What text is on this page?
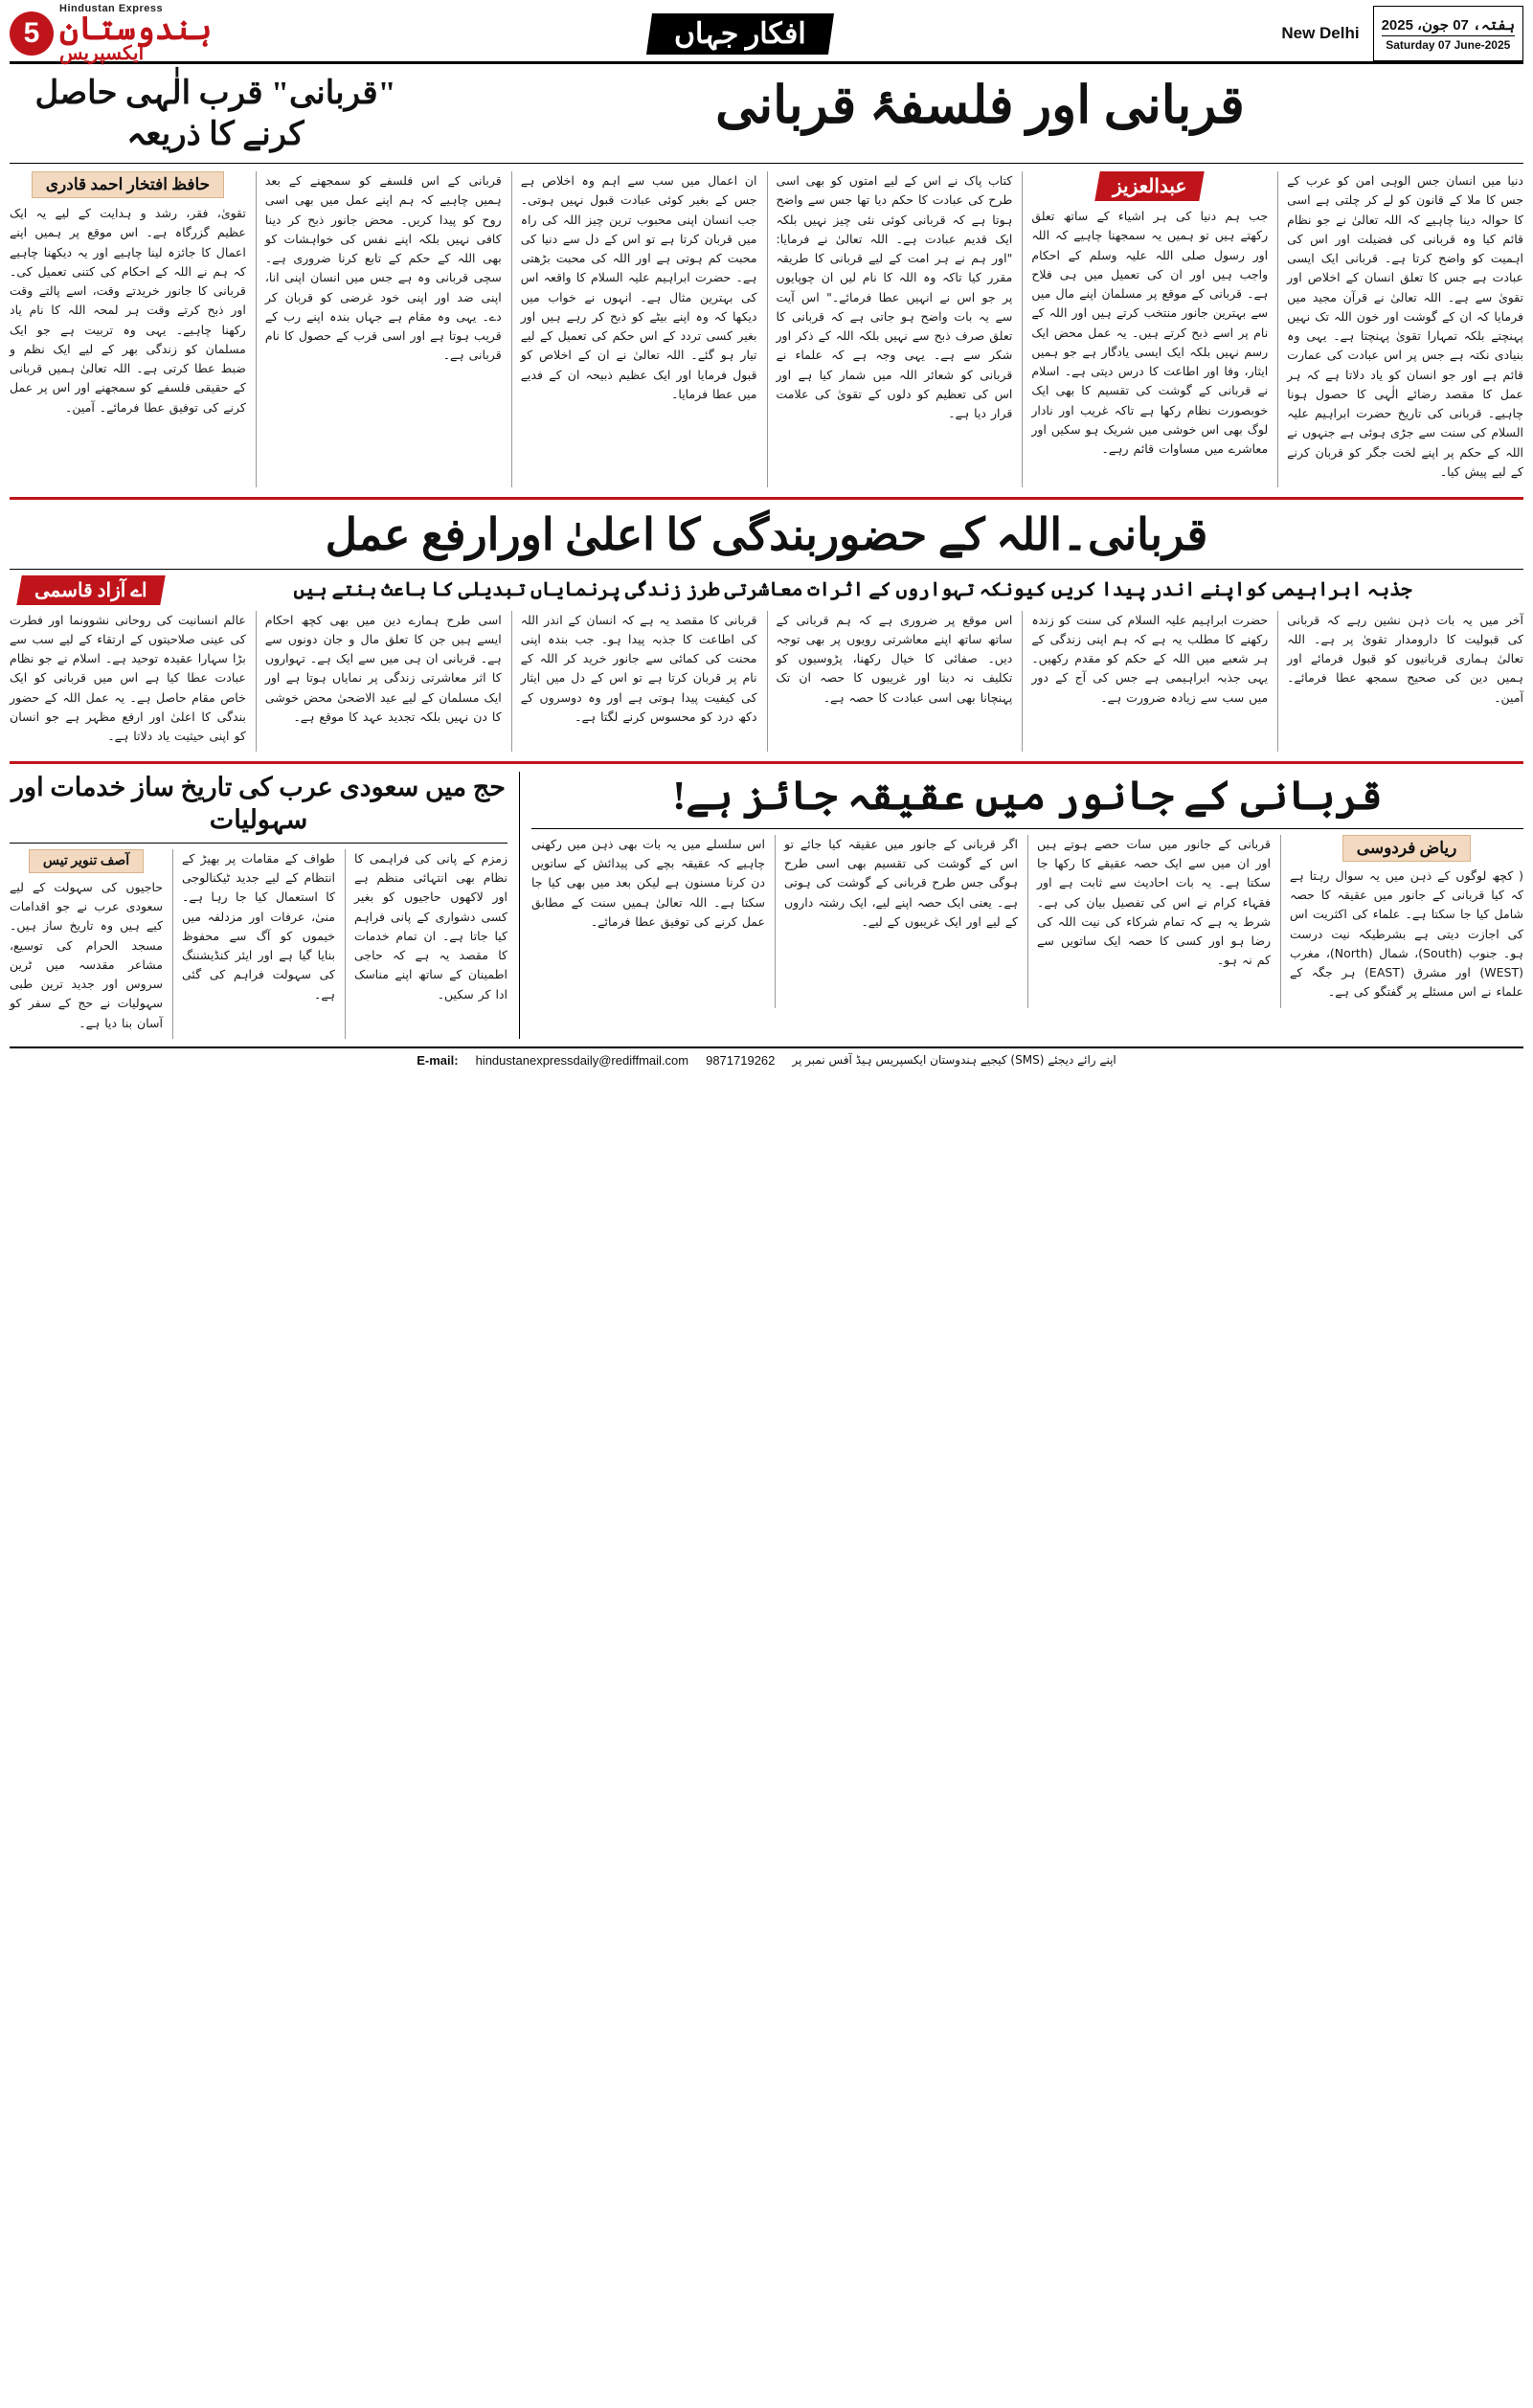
ہفتہ، 07 جون، 2025
Saturday 07 June-2025
New Delhi
افکار جہاں
Hindustan Express
ہندوستان
ایکسپریس
5
قربانی اور فلسفۂ قربانی
"قربانی" قرب الٰہی حاصل کرنے کا ذریعہ

دنیا میں انسان جس الوہی امن کو عرب کے جس کا ملا کے قانون کو لے کر چلتی ہے اسی کا حوالہ دینا چاہیے کہ اللہ تعالیٰ نے جو نظام قائم کیا وہ قربانی کی فضیلت اور اس کی اہمیت کو واضح کرتا ہے۔ قربانی ایک ایسی عبادت ہے جس کا تعلق انسان کے اخلاص اور تقویٰ سے ہے۔ اللہ تعالیٰ نے قرآن مجید میں فرمایا کہ ان کے گوشت اور خون اللہ تک نہیں پہنچتے بلکہ تمہارا تقویٰ پہنچتا ہے۔ یہی وہ بنیادی نکتہ ہے جس پر اس عبادت کی عمارت قائم ہے اور جو انسان کو یاد دلاتا ہے کہ ہر عمل کا مقصد رضائے الٰہی کا حصول ہونا چاہیے۔ قربانی کی تاریخ حضرت ابراہیم علیہ السلام کی سنت سے جڑی ہوئی ہے جنہوں نے اللہ کے حکم پر اپنے لخت جگر کو قربان کرنے کے لیے پیش کیا۔

عبدالعزیز

جب ہم دنیا کی ہر اشیاء کے ساتھ تعلق رکھتے ہیں تو ہمیں یہ سمجھنا چاہیے کہ اللہ اور رسول صلی اللہ علیہ وسلم کے احکام واجب ہیں اور ان کی تعمیل میں ہی فلاح ہے۔ قربانی کے موقع پر مسلمان اپنے مال میں سے بہترین جانور منتخب کرتے ہیں اور اللہ کے نام پر اسے ذبح کرتے ہیں۔ یہ عمل محض ایک رسم نہیں بلکہ ایک ایسی یادگار ہے جو ہمیں ایثار، وفا اور اطاعت کا درس دیتی ہے۔ اسلام نے قربانی کے گوشت کی تقسیم کا بھی ایک خوبصورت نظام رکھا ہے تاکہ غریب اور نادار لوگ بھی اس خوشی میں شریک ہو سکیں اور معاشرے میں مساوات قائم رہے۔

کتاب پاک نے اس کے لیے امتوں کو بھی اسی طرح کی عبادت کا حکم دیا تھا جس سے واضح ہوتا ہے کہ قربانی کوئی نئی چیز نہیں بلکہ ایک قدیم عبادت ہے۔ اللہ تعالیٰ نے فرمایا: "اور ہم نے ہر امت کے لیے قربانی کا طریقہ مقرر کیا تاکہ وہ اللہ کا نام لیں ان چوپایوں پر جو اس نے انہیں عطا فرمائے۔" اس آیت سے یہ بات واضح ہو جاتی ہے کہ قربانی کا تعلق صرف ذبح سے نہیں بلکہ اللہ کے ذکر اور شکر سے ہے۔ یہی وجہ ہے کہ علماء نے قربانی کو شعائر اللہ میں شمار کیا ہے اور اس کی تعظیم کو دلوں کے تقویٰ کی علامت قرار دیا ہے۔

ان اعمال میں سب سے اہم وہ اخلاص ہے جس کے بغیر کوئی عبادت قبول نہیں ہوتی۔ جب انسان اپنی محبوب ترین چیز اللہ کی راہ میں قربان کرتا ہے تو اس کے دل سے دنیا کی محبت کم ہوتی ہے اور اللہ کی محبت بڑھتی ہے۔ حضرت ابراہیم علیہ السلام کا واقعہ اس کی بہترین مثال ہے۔ انہوں نے خواب میں دیکھا کہ وہ اپنے بیٹے کو ذبح کر رہے ہیں اور بغیر کسی تردد کے اس حکم کی تعمیل کے لیے تیار ہو گئے۔ اللہ تعالیٰ نے ان کے اخلاص کو قبول فرمایا اور ایک عظیم ذبیحہ ان کے فدیے میں عطا فرمایا۔

قربانی کے اس فلسفے کو سمجھنے کے بعد ہمیں چاہیے کہ ہم اپنے عمل میں بھی اسی روح کو پیدا کریں۔ محض جانور ذبح کر دینا کافی نہیں بلکہ اپنے نفس کی خواہشات کو بھی اللہ کے حکم کے تابع کرنا ضروری ہے۔ سچی قربانی وہ ہے جس میں انسان اپنی انا، اپنی ضد اور اپنی خود غرضی کو قربان کر دے۔ یہی وہ مقام ہے جہاں بندہ اپنے رب کے قریب ہوتا ہے اور اسی قرب کے حصول کا نام قربانی ہے۔

حافظ افتخار احمد قادری

تقویٰ، فقر، رشد و ہدایت کے لیے یہ ایک عظیم گزرگاہ ہے۔ اس موقع پر ہمیں اپنے اعمال کا جائزہ لینا چاہیے اور یہ دیکھنا چاہیے کہ ہم نے اللہ کے احکام کی کتنی تعمیل کی۔ قربانی کا جانور خریدتے وقت، اسے پالتے وقت اور ذبح کرتے وقت ہر لمحہ اللہ کا نام یاد رکھنا چاہیے۔ یہی وہ تربیت ہے جو ایک مسلمان کو زندگی بھر کے لیے ایک نظم و ضبط عطا کرتی ہے۔ اللہ تعالیٰ ہمیں قربانی کے حقیقی فلسفے کو سمجھنے اور اس پر عمل کرنے کی توفیق عطا فرمائے۔ آمین۔

قربانی۔اللہ کے حضوربندگی کا اعلیٰ اورارفع عمل
جذبہ ابراہیمی کواپنے اندر پیدا کریں کیونکہ تہواروں کے اثرات معاشرتی طرز زندگی پرنمایاں تبدیلی کا باعث بنتے ہیں
اے آزاد قاسمی

آخر میں یہ بات ذہن نشین رہے کہ قربانی کی قبولیت کا دارومدار تقویٰ پر ہے۔ اللہ تعالیٰ ہماری قربانیوں کو قبول فرمائے اور ہمیں دین کی صحیح سمجھ عطا فرمائے۔ آمین۔

حضرت ابراہیم علیہ السلام کی سنت کو زندہ رکھنے کا مطلب یہ ہے کہ ہم اپنی زندگی کے ہر شعبے میں اللہ کے حکم کو مقدم رکھیں۔ یہی جذبہ ابراہیمی ہے جس کی آج کے دور میں سب سے زیادہ ضرورت ہے۔

اس موقع پر ضروری ہے کہ ہم قربانی کے ساتھ ساتھ اپنے معاشرتی رویوں پر بھی توجہ دیں۔ صفائی کا خیال رکھنا، پڑوسیوں کو تکلیف نہ دینا اور غریبوں کا حصہ ان تک پہنچانا بھی اسی عبادت کا حصہ ہے۔

قربانی کا مقصد یہ ہے کہ انسان کے اندر اللہ کی اطاعت کا جذبہ پیدا ہو۔ جب بندہ اپنی محنت کی کمائی سے جانور خرید کر اللہ کے نام پر قربان کرتا ہے تو اس کے دل میں ایثار کی کیفیت پیدا ہوتی ہے اور وہ دوسروں کے دکھ درد کو محسوس کرنے لگتا ہے۔

اسی طرح ہمارے دین میں بھی کچھ احکام ایسے ہیں جن کا تعلق مال و جان دونوں سے ہے۔ قربانی ان ہی میں سے ایک ہے۔ تہواروں کا اثر معاشرتی زندگی پر نمایاں ہوتا ہے اور ایک مسلمان کے لیے عید الاضحیٰ محض خوشی کا دن نہیں بلکہ تجدید عہد کا موقع ہے۔

عالم انسانیت کی روحانی نشوونما اور فطرت کی عینی صلاحیتوں کے ارتقاء کے لیے سب سے بڑا سہارا عقیدہ توحید ہے۔ اسلام نے جو نظام عبادت عطا کیا ہے اس میں قربانی کو ایک خاص مقام حاصل ہے۔ یہ عمل اللہ کے حضور بندگی کا اعلیٰ اور ارفع مظہر ہے جو انسان کو اپنی حیثیت یاد دلاتا ہے۔

قربانی کے جانور میں عقیقہ جائز ہے!
ریاض فردوسی

( کچھ لوگوں کے ذہن میں یہ سوال رہتا ہے کہ کیا قربانی کے جانور میں عقیقہ کا حصہ شامل کیا جا سکتا ہے۔ علماء کی اکثریت اس کی اجازت دیتی ہے بشرطیکہ نیت درست ہو۔ جنوب (South)، شمال (North)، مغرب (WEST) اور مشرق (EAST) ہر جگہ کے علماء نے اس مسئلے پر گفتگو کی ہے۔

قربانی کے جانور میں سات حصے ہوتے ہیں اور ان میں سے ایک حصہ عقیقے کا رکھا جا سکتا ہے۔ یہ بات احادیث سے ثابت ہے اور فقہاء کرام نے اس کی تفصیل بیان کی ہے۔ شرط یہ ہے کہ تمام شرکاء کی نیت اللہ کی رضا ہو اور کسی کا حصہ ایک ساتویں سے کم نہ ہو۔

اگر قربانی کے جانور میں عقیقہ کیا جائے تو اس کے گوشت کی تقسیم بھی اسی طرح ہوگی جس طرح قربانی کے گوشت کی ہوتی ہے۔ یعنی ایک حصہ اپنے لیے، ایک رشتہ داروں کے لیے اور ایک غریبوں کے لیے۔

اس سلسلے میں یہ بات بھی ذہن میں رکھنی چاہیے کہ عقیقہ بچے کی پیدائش کے ساتویں دن کرنا مسنون ہے لیکن بعد میں بھی کیا جا سکتا ہے۔ اللہ تعالیٰ ہمیں سنت کے مطابق عمل کرنے کی توفیق عطا فرمائے۔

حج میں سعودی عرب کی تاریخ ساز خدمات اور سہولیات

زمزم کے پانی کی فراہمی کا نظام بھی انتہائی منظم ہے اور لاکھوں حاجیوں کو بغیر کسی دشواری کے پانی فراہم کیا جاتا ہے۔ ان تمام خدمات کا مقصد یہ ہے کہ حاجی اطمینان کے ساتھ اپنے مناسک ادا کر سکیں۔

طواف کے مقامات پر بھیڑ کے انتظام کے لیے جدید ٹیکنالوجی کا استعمال کیا جا رہا ہے۔ منیٰ، عرفات اور مزدلفہ میں خیموں کو آگ سے محفوظ بنایا گیا ہے اور ایئر کنڈیشننگ کی سہولت فراہم کی گئی ہے۔

آصف تنویر تیس

حاجیوں کی سہولت کے لیے سعودی عرب نے جو اقدامات کیے ہیں وہ تاریخ ساز ہیں۔ مسجد الحرام کی توسیع، مشاعر مقدسہ میں ٹرین سروس اور جدید ترین طبی سہولیات نے حج کے سفر کو آسان بنا دیا ہے۔

E-mail: hindustanexpressdaily@rediffmail.com 9871719262 اپنے رائے دیجئے (SMS) کیجیے ہندوستان ایکسپریس ہیڈ آفس نمبر پر
